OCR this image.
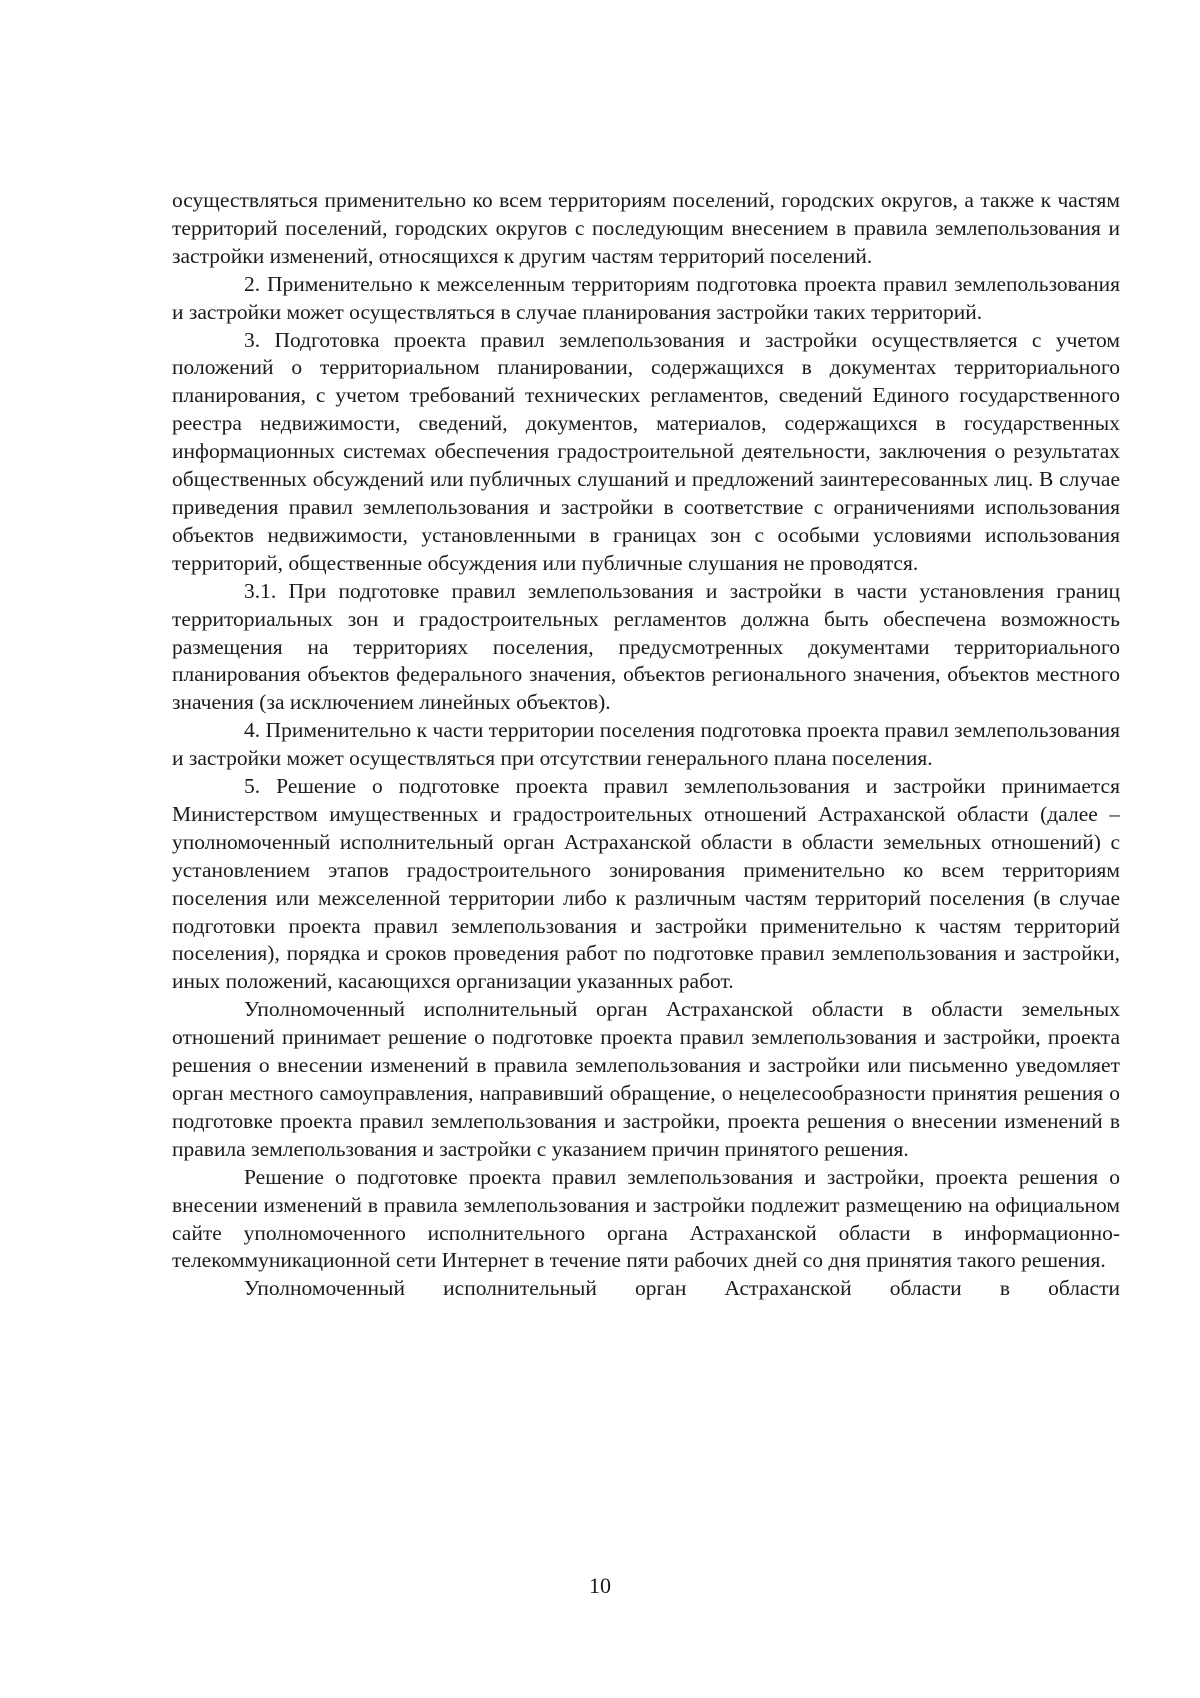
осуществляться применительно ко всем территориям поселений, городских округов, а также к частям территорий поселений, городских округов с последующим внесением в правила землепользования и застройки изменений, относящихся к другим частям территорий поселений.

2. Применительно к межселенным территориям подготовка проекта правил землепользования и застройки может осуществляться в случае планирования застройки таких территорий.

3. Подготовка проекта правил землепользования и застройки осуществляется с учетом положений о территориальном планировании, содержащихся в документах территориального планирования, с учетом требований технических регламентов, сведений Единого государственного реестра недвижимости, сведений, документов, материалов, содержащихся в государственных информационных системах обеспечения градостроительной деятельности, заключения о результатах общественных обсуждений или публичных слушаний и предложений заинтересованных лиц. В случае приведения правил землепользования и застройки в соответствие с ограничениями использования объектов недвижимости, установленными в границах зон с особыми условиями использования территорий, общественные обсуждения или публичные слушания не проводятся.

3.1. При подготовке правил землепользования и застройки в части установления границ территориальных зон и градостроительных регламентов должна быть обеспечена возможность размещения на территориях поселения, предусмотренных документами территориального планирования объектов федерального значения, объектов регионального значения, объектов местного значения (за исключением линейных объектов).

4. Применительно к части территории поселения подготовка проекта правил землепользования и застройки может осуществляться при отсутствии генерального плана поселения.

5. Решение о подготовке проекта правил землепользования и застройки принимается Министерством имущественных и градостроительных отношений Астраханской области (далее – уполномоченный исполнительный орган Астраханской области в области земельных отношений) с установлением этапов градостроительного зонирования применительно ко всем территориям поселения или межселенной территории либо к различным частям территорий поселения (в случае подготовки проекта правил землепользования и застройки применительно к частям территорий поселения), порядка и сроков проведения работ по подготовке правил землепользования и застройки, иных положений, касающихся организации указанных работ.

Уполномоченный исполнительный орган Астраханской области в области земельных отношений принимает решение о подготовке проекта правил землепользования и застройки, проекта решения о внесении изменений в правила землепользования и застройки или письменно уведомляет орган местного самоуправления, направивший обращение, о нецелесообразности принятия решения о подготовке проекта правил землепользования и застройки, проекта решения о внесении изменений в правила землепользования и застройки с указанием причин принятого решения.

Решение о подготовке проекта правил землепользования и застройки, проекта решения о внесении изменений в правила землепользования и застройки подлежит размещению на официальном сайте уполномоченного исполнительного органа Астраханской области в информационно-телекоммуникационной сети Интернет в течение пяти рабочих дней со дня принятия такого решения.

Уполномоченный исполнительный орган Астраханской области в области

10
